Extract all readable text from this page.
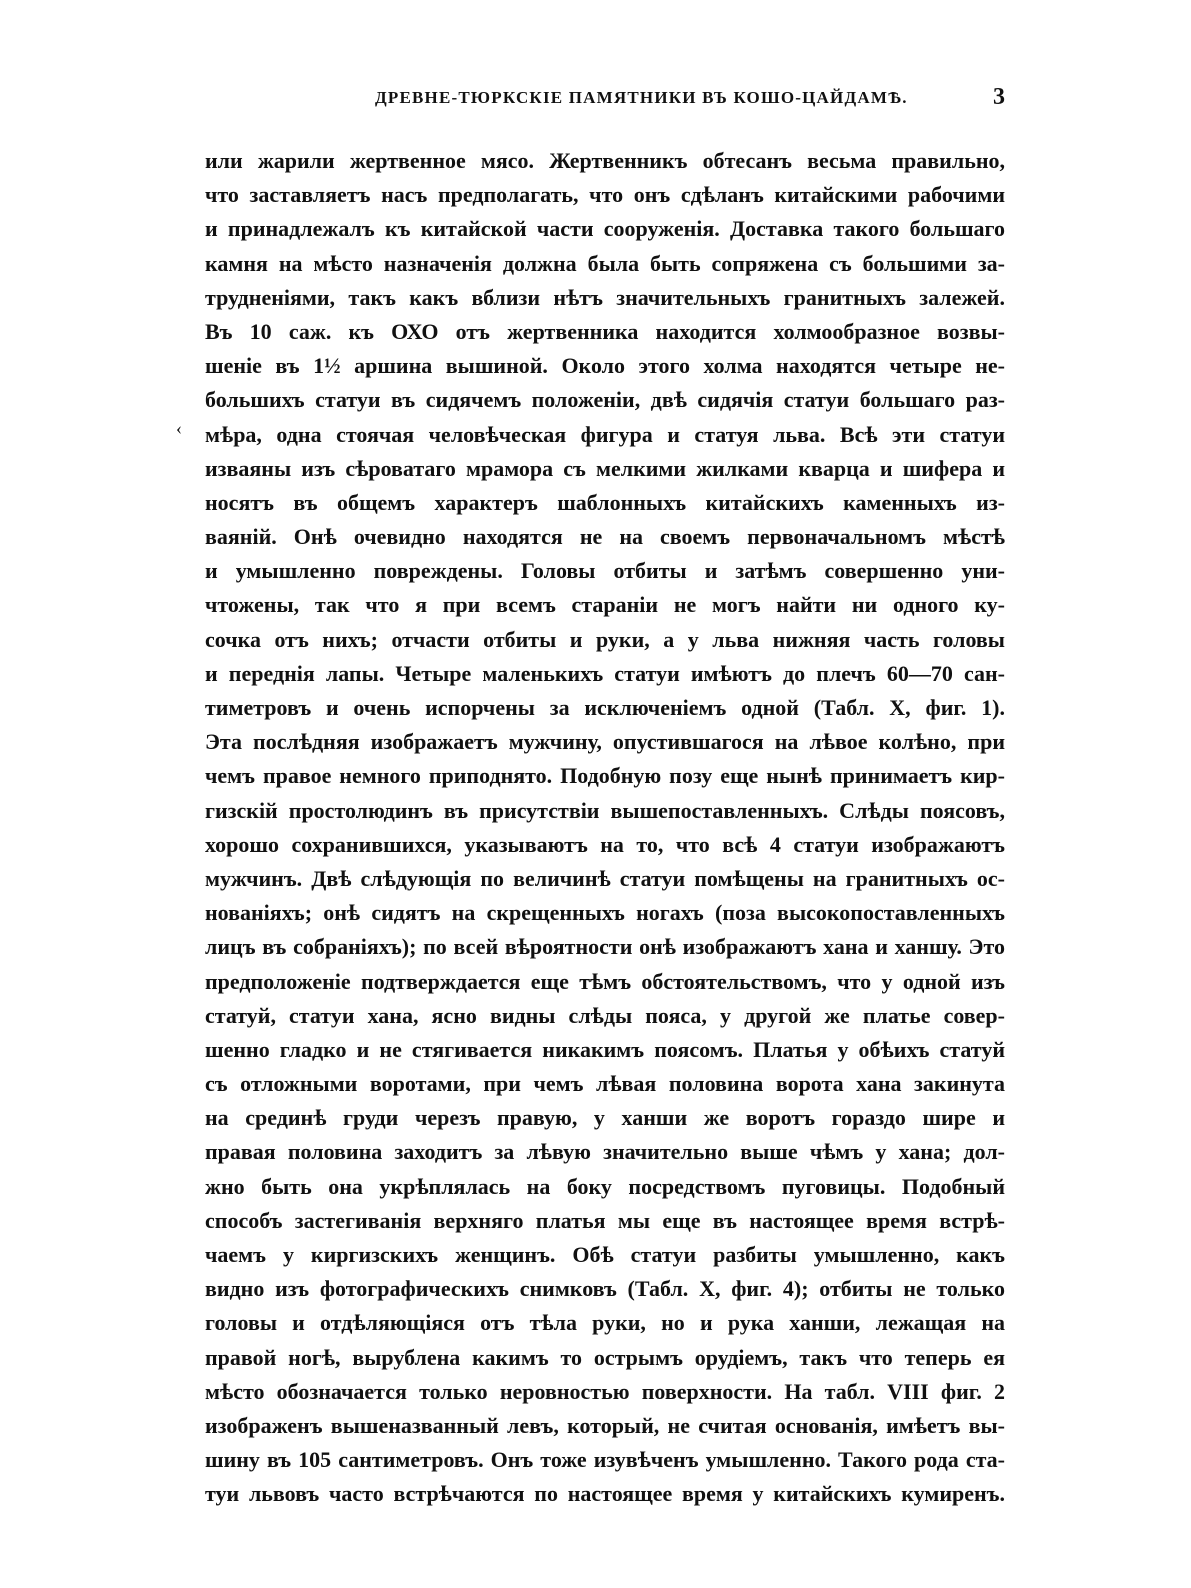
ДРЕВНЕ-ТЮРКСКІЕ ПАМЯТНИКИ ВЪ КОШО-ЦАЙДАМѢ.	3
‹
или жарили жертвенное мясо. Жертвенникъ обтесанъ весьма правильно,
что заставляетъ насъ предполагать, что онъ сдѣланъ китайскими рабочими
и принадлежалъ къ китайской части сооруженія. Доставка такого большаго
камня на мѣсто назначенія должна была быть сопряжена съ большими за-
трудненіями, такъ какъ вблизи нѣтъ значительныхъ гранитныхъ залежей.
Въ 10 саж. къ ОХО отъ жертвенника находится холмообразное возвы-
шеніе въ 1½ аршина вышиной. Около этого холма находятся четыре не-
большихъ статуи въ сидячемъ положеніи, двѣ сидячія статуи большаго раз-
мѣра, одна стоячая человѣческая фигура и статуя льва. Всѣ эти статуи
изваяны изъ сѣроватаго мрамора съ мелкими жилками кварца и шифера и
носятъ въ общемъ характеръ шаблонныхъ китайскихъ каменныхъ из-
ваяній. Онѣ очевидно находятся не на своемъ первоначальномъ мѣстѣ
и умышленно повреждены. Головы отбиты и затѣмъ совершенно уни-
чтожены, так что я при всемъ стараніи не могъ найти ни одного ку-
сочка отъ нихъ; отчасти отбиты и руки, а у льва нижняя часть головы
и переднія лапы. Четыре маленькихъ статуи имѣютъ до плечъ 60—70 сан-
тиметровъ и очень испорчены за исключеніемъ одной (Табл. X, фиг. 1).
Эта послѣдняя изображаетъ мужчину, опустившагося на лѣвое колѣно, при
чемъ правое немного приподнято. Подобную позу еще нынѣ принимаетъ кир-
гизскій простолюдинъ въ присутствіи вышепоставленныхъ. Слѣды поясовъ,
хорошо сохранившихся, указываютъ на то, что всѣ 4 статуи изображаютъ
мужчинъ. Двѣ слѣдующія по величинѣ статуи помѣщены на гранитныхъ ос-
нованіяхъ; онѣ сидятъ на скрещенныхъ ногахъ (поза высокопоставленныхъ
лицъ въ собраніяхъ); по всей вѣроятности онѣ изображаютъ хана и ханшу. Это
предположеніе подтверждается еще тѣмъ обстоятельствомъ, что у одной изъ
статуй, статуи хана, ясно видны слѣды пояса, у другой же платье совер-
шенно гладко и не стягивается никакимъ поясомъ. Платья у обѣихъ статуй
съ отложными воротами, при чемъ лѣвая половина ворота хана закинута
на срединѣ груди черезъ правую, у ханши же воротъ гораздо шире и
правая половина заходитъ за лѣвую значительно выше чѣмъ у хана; дол-
жно быть она укрѣплялась на боку посредствомъ пуговицы. Подобный
способъ застегиванія верхняго платья мы еще въ настоящее время встрѣ-
чаемъ у киргизскихъ женщинъ. Обѣ статуи разбиты умышленно, какъ
видно изъ фотографическихъ снимковъ (Табл. X, фиг. 4); отбиты не только
головы и отдѣляющіяся отъ тѣла руки, но и рука ханши, лежащая на
правой ногѣ, вырублена какимъ то острымъ орудіемъ, такъ что теперь ея
мѣсто обозначается только неровностью поверхности. На табл. VIII фиг. 2
изображенъ вышеназванный левъ, который, не считая основанія, имѣетъ вы-
шину въ 105 сантиметровъ. Онъ тоже изувѣченъ умышленно. Такого рода ста-
туи львовъ часто встрѣчаются по настоящее время у китайскихъ кумиренъ.
